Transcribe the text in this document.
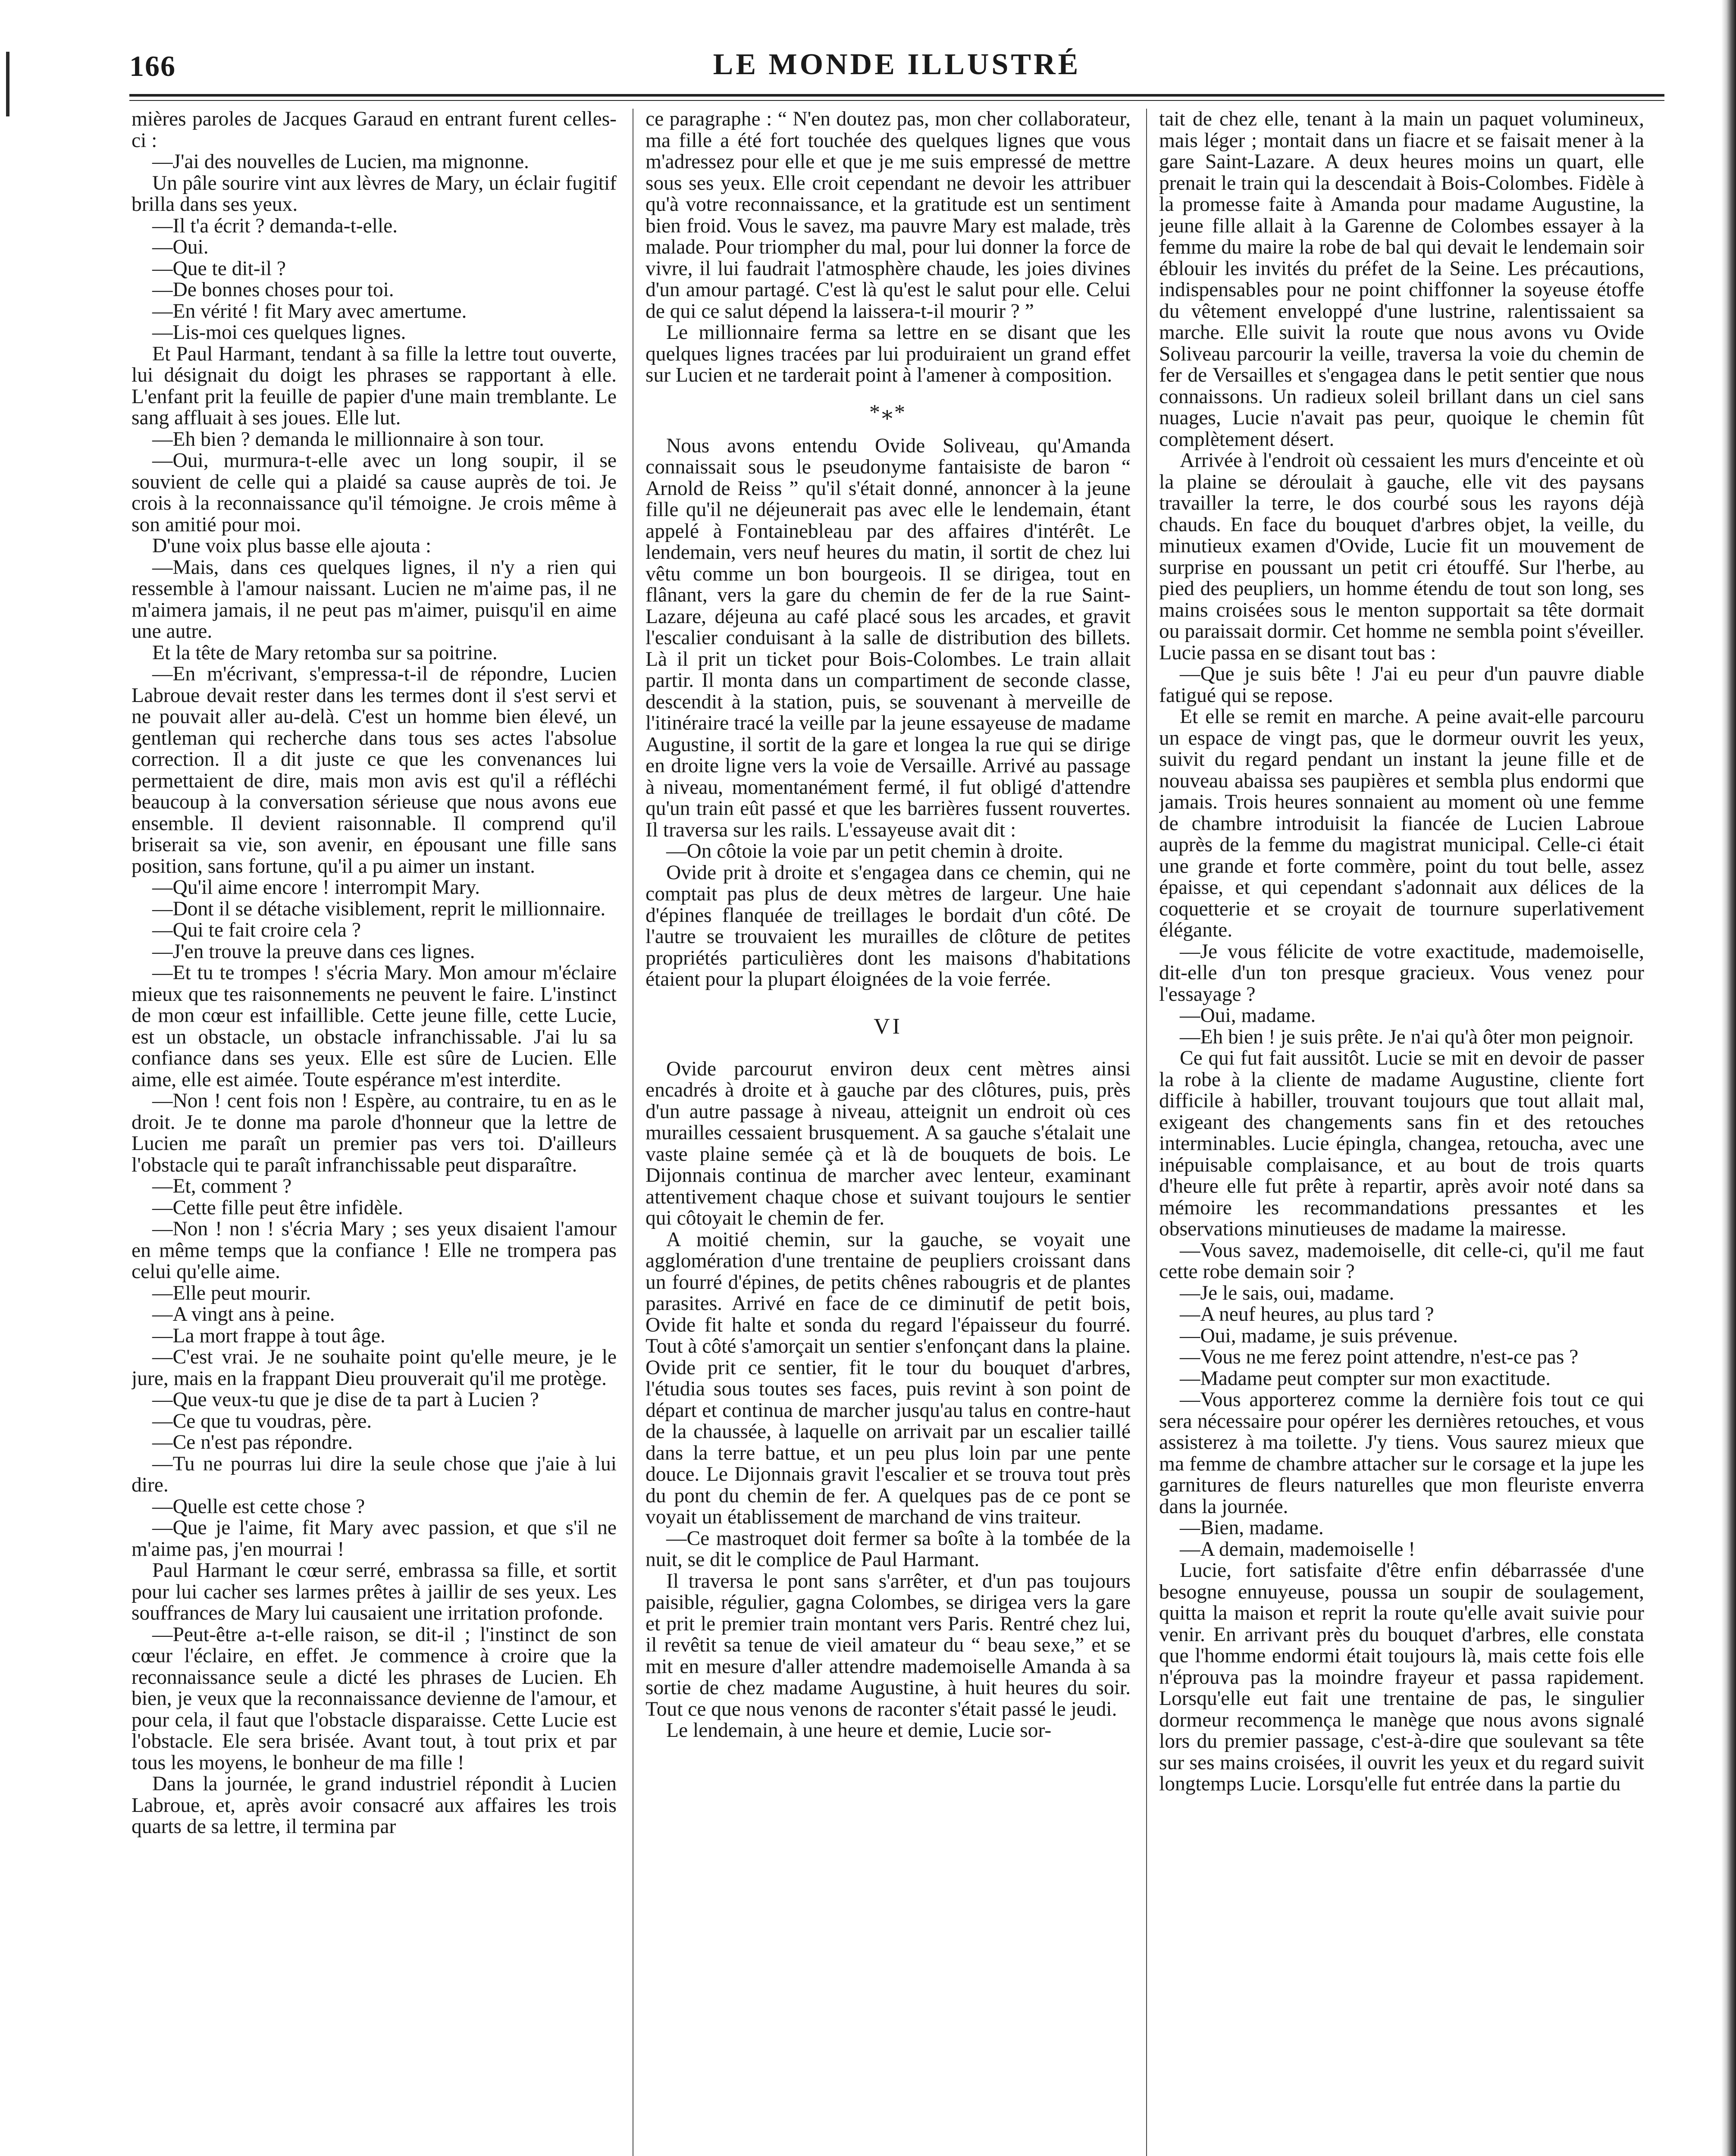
166	LE MONDE ILLUSTRÉ

mières paroles de Jacques Garaud en entrant furent celles-ci :

—J'ai des nouvelles de Lucien, ma mignonne.

Un pâle sourire vint aux lèvres de Mary, un éclair fugitif brilla dans ses yeux.

—Il t'a écrit ? demanda-t-elle.

—Oui.

—Que te dit-il ?

—De bonnes choses pour toi.

—En vérité ! fit Mary avec amertume.

—Lis-moi ces quelques lignes.

Et Paul Harmant, tendant à sa fille la lettre tout ouverte, lui désignait du doigt les phrases se rapportant à elle. L'enfant prit la feuille de papier d'une main tremblante. Le sang affluait à ses joues. Elle lut.

—Eh bien ? demanda le millionnaire à son tour.

—Oui, murmura-t-elle avec un long soupir, il se souvient de celle qui a plaidé sa cause auprès de toi. Je crois à la reconnaissance qu'il témoigne. Je crois même à son amitié pour moi.

D'une voix plus basse elle ajouta :

—Mais, dans ces quelques lignes, il n'y a rien qui ressemble à l'amour naissant. Lucien ne m'aime pas, il ne m'aimera jamais, il ne peut pas m'aimer, puisqu'il en aime une autre.

Et la tête de Mary retomba sur sa poitrine.

—En m'écrivant, s'empressa-t-il de répondre, Lucien Labroue devait rester dans les termes dont il s'est servi et ne pouvait aller au-delà. C'est un homme bien élevé, un gentleman qui recherche dans tous ses actes l'absolue correction. Il a dit juste ce que les convenances lui permettaient de dire, mais mon avis est qu'il a réfléchi beaucoup à la conversation sérieuse que nous avons eue ensemble. Il devient raisonnable. Il comprend qu'il briserait sa vie, son avenir, en épousant une fille sans position, sans fortune, qu'il a pu aimer un instant.

—Qu'il aime encore ! interrompit Mary.

—Dont il se détache visiblement, reprit le millionnaire.

—Qui te fait croire cela ?

—J'en trouve la preuve dans ces lignes.

—Et tu te trompes ! s'écria Mary. Mon amour m'éclaire mieux que tes raisonnements ne peuvent le faire. L'instinct de mon cœur est infaillible. Cette jeune fille, cette Lucie, est un obstacle, un obstacle infranchissable. J'ai lu sa confiance dans ses yeux. Elle est sûre de Lucien. Elle aime, elle est aimée. Toute espérance m'est interdite.

—Non ! cent fois non ! Espère, au contraire, tu en as le droit. Je te donne ma parole d'honneur que la lettre de Lucien me paraît un premier pas vers toi. D'ailleurs l'obstacle qui te paraît infranchissable peut disparaître.

—Et, comment ?

—Cette fille peut être infidèle.

—Non ! non ! s'écria Mary ; ses yeux disaient l'amour en même temps que la confiance ! Elle ne trompera pas celui qu'elle aime.

—Elle peut mourir.

—A vingt ans à peine.

—La mort frappe à tout âge.

—C'est vrai. Je ne souhaite point qu'elle meure, je le jure, mais en la frappant Dieu prouverait qu'il me protège.

—Que veux-tu que je dise de ta part à Lucien ?

—Ce que tu voudras, père.

—Ce n'est pas répondre.

—Tu ne pourras lui dire la seule chose que j'aie à lui dire.

—Quelle est cette chose ?

—Que je l'aime, fit Mary avec passion, et que s'il ne m'aime pas, j'en mourrai !

Paul Harmant le cœur serré, embrassa sa fille, et sortit pour lui cacher ses larmes prêtes à jaillir de ses yeux. Les souffrances de Mary lui causaient une irritation profonde.

—Peut-être a-t-elle raison, se dit-il ; l'instinct de son cœur l'éclaire, en effet. Je commence à croire que la reconnaissance seule a dicté les phrases de Lucien. Eh bien, je veux que la reconnaissance devienne de l'amour, et pour cela, il faut que l'obstacle disparaisse. Cette Lucie est l'obstacle. Ele sera brisée. Avant tout, à tout prix et par tous les moyens, le bonheur de ma fille !

Dans la journée, le grand industriel répondit à Lucien Labroue, et, après avoir consacré aux affaires les trois quarts de sa lettre, il termina par

ce paragraphe : “ N'en doutez pas, mon cher collaborateur, ma fille a été fort touchée des quelques lignes que vous m'adressez pour elle et que je me suis empressé de mettre sous ses yeux. Elle croit cependant ne devoir les attribuer qu'à votre reconnaissance, et la gratitude est un sentiment bien froid. Vous le savez, ma pauvre Mary est malade, très malade. Pour triompher du mal, pour lui donner la force de vivre, il lui faudrait l'atmosphère chaude, les joies divines d'un amour partagé. C'est là qu'est le salut pour elle. Celui de qui ce salut dépend la laissera-t-il mourir ? ”

Le millionnaire ferma sa lettre en se disant que les quelques lignes tracées par lui produiraient un grand effet sur Lucien et ne tarderait point à l'amener à composition.

*⁎*

Nous avons entendu Ovide Soliveau, qu'Amanda connaissait sous le pseudonyme fantaisiste de baron “ Arnold de Reiss ” qu'il s'était donné, annoncer à la jeune fille qu'il ne déjeunerait pas avec elle le lendemain, étant appelé à Fontainebleau par des affaires d'intérêt. Le lendemain, vers neuf heures du matin, il sortit de chez lui vêtu comme un bon bourgeois. Il se dirigea, tout en flânant, vers la gare du chemin de fer de la rue Saint-Lazare, déjeuna au café placé sous les arcades, et gravit l'escalier conduisant à la salle de distribution des billets. Là il prit un ticket pour Bois-Colombes. Le train allait partir. Il monta dans un compartiment de seconde classe, descendit à la station, puis, se souvenant à merveille de l'itinéraire tracé la veille par la jeune essayeuse de madame Augustine, il sortit de la gare et longea la rue qui se dirige en droite ligne vers la voie de Versaille. Arrivé au passage à niveau, momentanément fermé, il fut obligé d'attendre qu'un train eût passé et que les barrières fussent rouvertes. Il traversa sur les rails. L'essayeuse avait dit :

—On côtoie la voie par un petit chemin à droite.

Ovide prit à droite et s'engagea dans ce chemin, qui ne comptait pas plus de deux mètres de largeur. Une haie d'épines flanquée de treillages le bordait d'un côté. De l'autre se trouvaient les murailles de clôture de petites propriétés particulières dont les maisons d'habitations étaient pour la plupart éloignées de la voie ferrée.

VI

Ovide parcourut environ deux cent mètres ainsi encadrés à droite et à gauche par des clôtures, puis, près d'un autre passage à niveau, atteignit un endroit où ces murailles cessaient brusquement. A sa gauche s'étalait une vaste plaine semée çà et là de bouquets de bois. Le Dijonnais continua de marcher avec lenteur, examinant attentivement chaque chose et suivant toujours le sentier qui côtoyait le chemin de fer.

A moitié chemin, sur la gauche, se voyait une agglomération d'une trentaine de peupliers croissant dans un fourré d'épines, de petits chênes rabougris et de plantes parasites. Arrivé en face de ce diminutif de petit bois, Ovide fit halte et sonda du regard l'épaisseur du fourré. Tout à côté s'amorçait un sentier s'enfonçant dans la plaine. Ovide prit ce sentier, fit le tour du bouquet d'arbres, l'étudia sous toutes ses faces, puis revint à son point de départ et continua de marcher jusqu'au talus en contre-haut de la chaussée, à laquelle on arrivait par un escalier taillé dans la terre battue, et un peu plus loin par une pente douce. Le Dijonnais gravit l'escalier et se trouva tout près du pont du chemin de fer. A quelques pas de ce pont se voyait un établissement de marchand de vins traiteur.

—Ce mastroquet doit fermer sa boîte à la tombée de la nuit, se dit le complice de Paul Harmant.

Il traversa le pont sans s'arrêter, et d'un pas toujours paisible, régulier, gagna Colombes, se dirigea vers la gare et prit le premier train montant vers Paris. Rentré chez lui, il revêtit sa tenue de vieil amateur du “ beau sexe,” et se mit en mesure d'aller attendre mademoiselle Amanda à sa sortie de chez madame Augustine, à huit heures du soir. Tout ce que nous venons de raconter s'était passé le jeudi.

Le lendemain, à une heure et demie, Lucie sor-

tait de chez elle, tenant à la main un paquet volumineux, mais léger ; montait dans un fiacre et se faisait mener à la gare Saint-Lazare. A deux heures moins un quart, elle prenait le train qui la descendait à Bois-Colombes. Fidèle à la promesse faite à Amanda pour madame Augustine, la jeune fille allait à la Garenne de Colombes essayer à la femme du maire la robe de bal qui devait le lendemain soir éblouir les invités du préfet de la Seine. Les précautions, indispensables pour ne point chiffonner la soyeuse étoffe du vêtement enveloppé d'une lustrine, ralentissaient sa marche. Elle suivit la route que nous avons vu Ovide Soliveau parcourir la veille, traversa la voie du chemin de fer de Versailles et s'engagea dans le petit sentier que nous connaissons. Un radieux soleil brillant dans un ciel sans nuages, Lucie n'avait pas peur, quoique le chemin fût complètement désert.

Arrivée à l'endroit où cessaient les murs d'enceinte et où la plaine se déroulait à gauche, elle vit des paysans travailler la terre, le dos courbé sous les rayons déjà chauds. En face du bouquet d'arbres objet, la veille, du minutieux examen d'Ovide, Lucie fit un mouvement de surprise en poussant un petit cri étouffé. Sur l'herbe, au pied des peupliers, un homme étendu de tout son long, ses mains croisées sous le menton supportait sa tête dormait ou paraissait dormir. Cet homme ne sembla point s'éveiller. Lucie passa en se disant tout bas :

—Que je suis bête ! J'ai eu peur d'un pauvre diable fatigué qui se repose.

Et elle se remit en marche. A peine avait-elle parcouru un espace de vingt pas, que le dormeur ouvrit les yeux, suivit du regard pendant un instant la jeune fille et de nouveau abaissa ses paupières et sembla plus endormi que jamais. Trois heures sonnaient au moment où une femme de chambre introduisit la fiancée de Lucien Labroue auprès de la femme du magistrat municipal. Celle-ci était une grande et forte commère, point du tout belle, assez épaisse, et qui cependant s'adonnait aux délices de la coquetterie et se croyait de tournure superlativement élégante.

—Je vous félicite de votre exactitude, mademoiselle, dit-elle d'un ton presque gracieux. Vous venez pour l'essayage ?

—Oui, madame.

—Eh bien ! je suis prête. Je n'ai qu'à ôter mon peignoir.

Ce qui fut fait aussitôt. Lucie se mit en devoir de passer la robe à la cliente de madame Augustine, cliente fort difficile à habiller, trouvant toujours que tout allait mal, exigeant des changements sans fin et des retouches interminables. Lucie épingla, changea, retoucha, avec une inépuisable complaisance, et au bout de trois quarts d'heure elle fut prête à repartir, après avoir noté dans sa mémoire les recommandations pressantes et les observations minutieuses de madame la mairesse.

—Vous savez, mademoiselle, dit celle-ci, qu'il me faut cette robe demain soir ?

—Je le sais, oui, madame.

—A neuf heures, au plus tard ?

—Oui, madame, je suis prévenue.

—Vous ne me ferez point attendre, n'est-ce pas ?

—Madame peut compter sur mon exactitude.

—Vous apporterez comme la dernière fois tout ce qui sera nécessaire pour opérer les dernières retouches, et vous assisterez à ma toilette. J'y tiens. Vous saurez mieux que ma femme de chambre attacher sur le corsage et la jupe les garnitures de fleurs naturelles que mon fleuriste enverra dans la journée.

—Bien, madame.

—A demain, mademoiselle !

Lucie, fort satisfaite d'être enfin débarrassée d'une besogne ennuyeuse, poussa un soupir de soulagement, quitta la maison et reprit la route qu'elle avait suivie pour venir. En arrivant près du bouquet d'arbres, elle constata que l'homme endormi était toujours là, mais cette fois elle n'éprouva pas la moindre frayeur et passa rapidement. Lorsqu'elle eut fait une trentaine de pas, le singulier dormeur recommença le manège que nous avons signalé lors du premier passage, c'est-à-dire que soulevant sa tête sur ses mains croisées, il ouvrit les yeux et du regard suivit longtemps Lucie. Lorsqu'elle fut entrée dans la partie du
